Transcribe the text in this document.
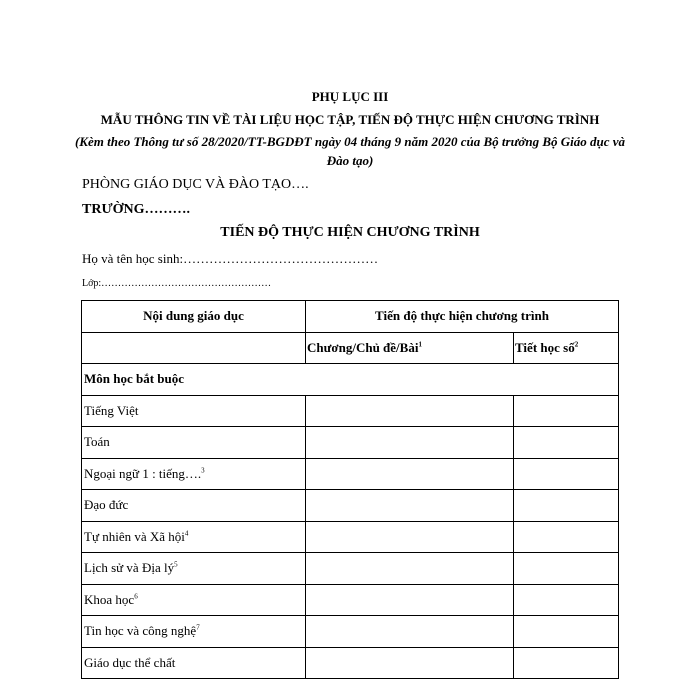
PHỤ LỤC III
MẪU THÔNG TIN VỀ TÀI LIỆU HỌC TẬP, TIẾN ĐỘ THỰC HIỆN CHƯƠNG TRÌNH
(Kèm theo Thông tư số 28/2020/TT-BGDĐT ngày 04 tháng 9 năm 2020 của Bộ trưởng Bộ Giáo dục và Đào tạo)
PHÒNG GIÁO DỤC VÀ ĐÀO TẠO….
TRƯỜNG……….
TIẾN ĐỘ THỰC HIỆN CHƯƠNG TRÌNH
Họ và tên học sinh:………………………………………
Lớp:……………………………………………
Nội dung giáo dục	Tiến độ thực hiện chương trình	
	Chương/Chủ đề/Bài$^1$	Tiết học số$^2$
Môn học bắt buộc		
Tiếng Việt		
Toán		
Ngoại ngữ 1 : tiếng….$^3$		
Đạo đức		
Tự nhiên và Xã hội$^4$		
Lịch sử và Địa $lý^5$		
Khoa học$^6$		
Tin học và công nghệ$^7$		
Giáo dục thể chất		
